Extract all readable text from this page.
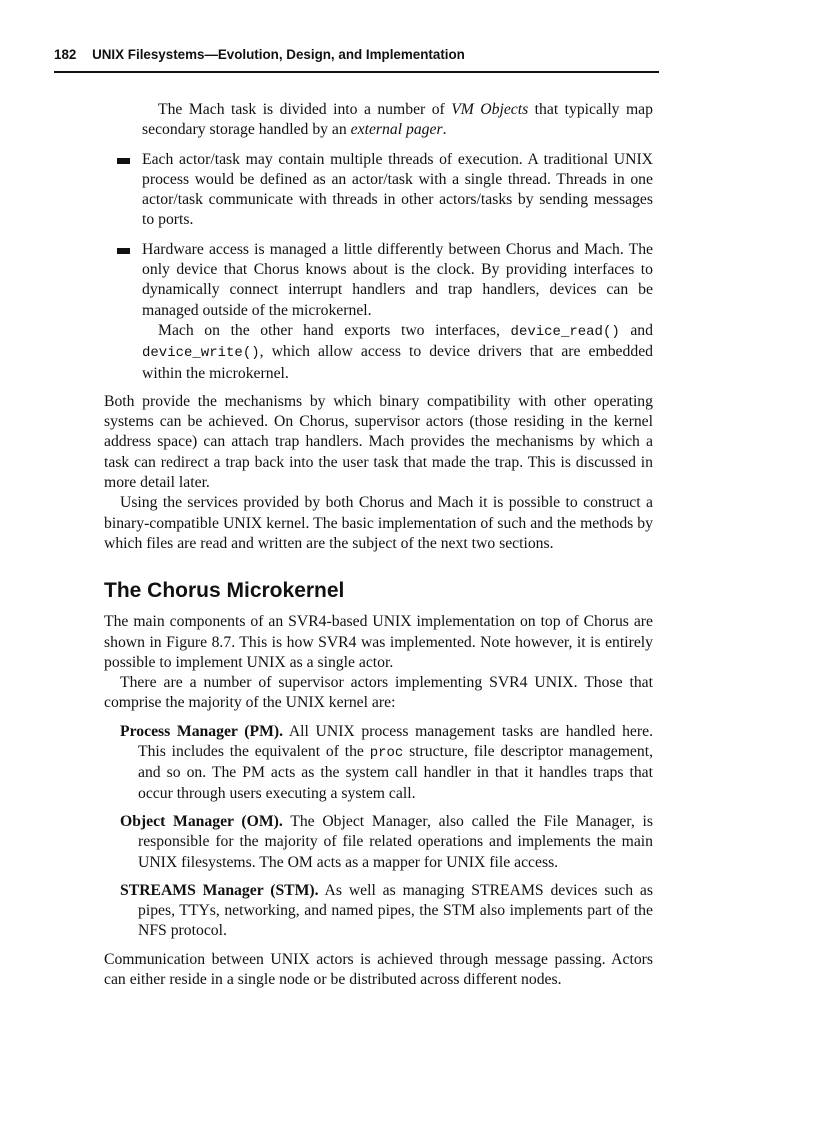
182 UNIX Filesystems—Evolution, Design, and Implementation

The Mach task is divided into a number of VM Objects that typically map secondary storage handled by an external pager.

Each actor/task may contain multiple threads of execution. A traditional UNIX process would be defined as an actor/task with a single thread. Threads in one actor/task communicate with threads in other actors/tasks by sending messages to ports.

Hardware access is managed a little differently between Chorus and Mach. The only device that Chorus knows about is the clock. By providing interfaces to dynamically connect interrupt handlers and trap handlers, devices can be managed outside of the microkernel.

Mach on the other hand exports two interfaces, device_read() and device_write(), which allow access to device drivers that are embedded within the microkernel.

Both provide the mechanisms by which binary compatibility with other operating systems can be achieved. On Chorus, supervisor actors (those residing in the kernel address space) can attach trap handlers. Mach provides the mechanisms by which a task can redirect a trap back into the user task that made the trap. This is discussed in more detail later.

Using the services provided by both Chorus and Mach it is possible to construct a binary-compatible UNIX kernel. The basic implementation of such and the methods by which files are read and written are the subject of the next two sections.

The Chorus Microkernel

The main components of an SVR4-based UNIX implementation on top of Chorus are shown in Figure 8.7. This is how SVR4 was implemented. Note however, it is entirely possible to implement UNIX as a single actor.

There are a number of supervisor actors implementing SVR4 UNIX. Those that comprise the majority of the UNIX kernel are:

Process Manager (PM). All UNIX process management tasks are handled here. This includes the equivalent of the proc structure, file descriptor management, and so on. The PM acts as the system call handler in that it handles traps that occur through users executing a system call.

Object Manager (OM). The Object Manager, also called the File Manager, is responsible for the majority of file related operations and implements the main UNIX filesystems. The OM acts as a mapper for UNIX file access.

STREAMS Manager (STM). As well as managing STREAMS devices such as pipes, TTYs, networking, and named pipes, the STM also implements part of the NFS protocol.

Communication between UNIX actors is achieved through message passing. Actors can either reside in a single node or be distributed across different nodes.
